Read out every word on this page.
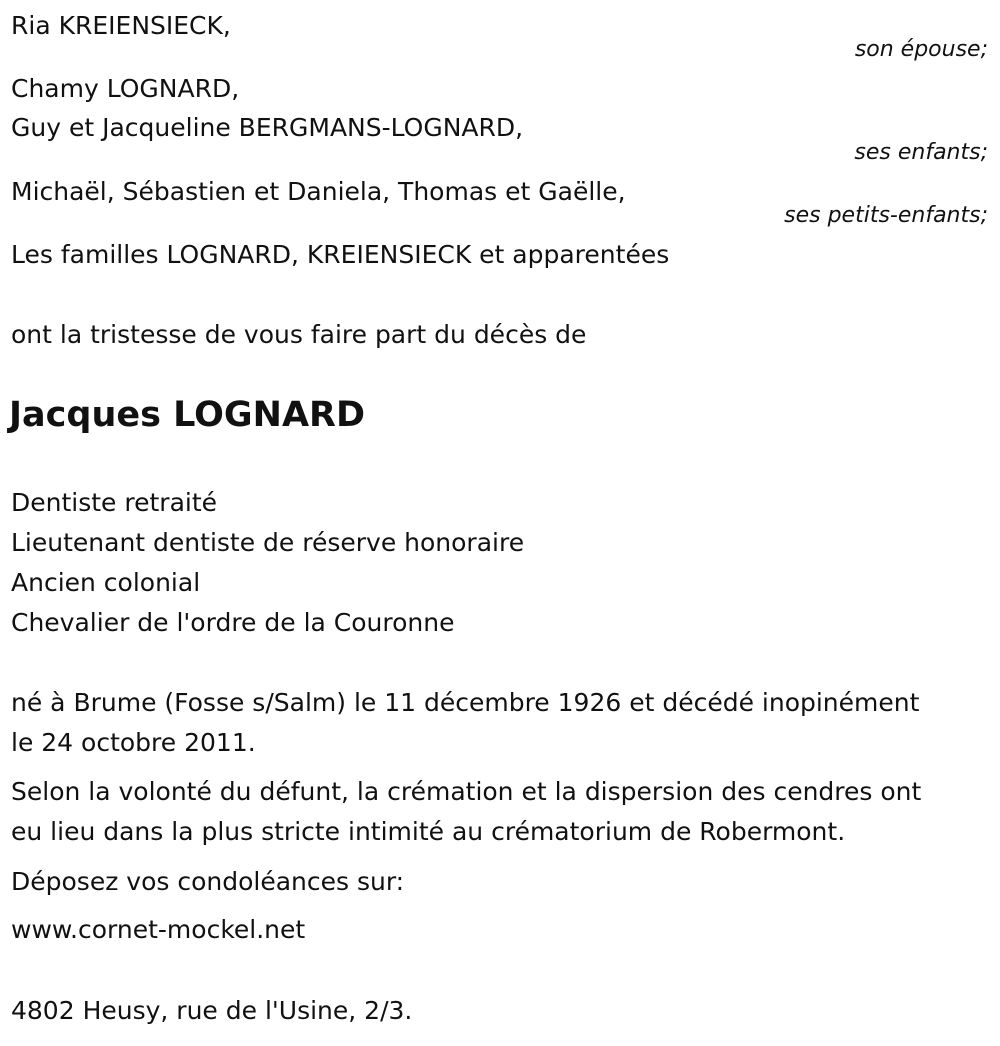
Ria KREIENSIECK,
son épouse;
Chamy LOGNARD,
Guy et Jacqueline BERGMANS-LOGNARD,
ses enfants;
Michaël, Sébastien et Daniela, Thomas et Gaëlle,
ses petits-enfants;
Les familles LOGNARD, KREIENSIECK et apparentées
ont la tristesse de vous faire part du décès de
Jacques LOGNARD
Dentiste retraité
Lieutenant dentiste de réserve honoraire
Ancien colonial
Chevalier de l'ordre de la Couronne
né à Brume (Fosse s/Salm) le 11 décembre 1926 et décédé inopinément
le 24 octobre 2011.
Selon la volonté du défunt, la crémation et la dispersion des cendres ont
eu lieu dans la plus stricte intimité au crématorium de Robermont.
Déposez vos condoléances sur:
www.cornet-mockel.net
4802 Heusy, rue de l'Usine, 2/3.
